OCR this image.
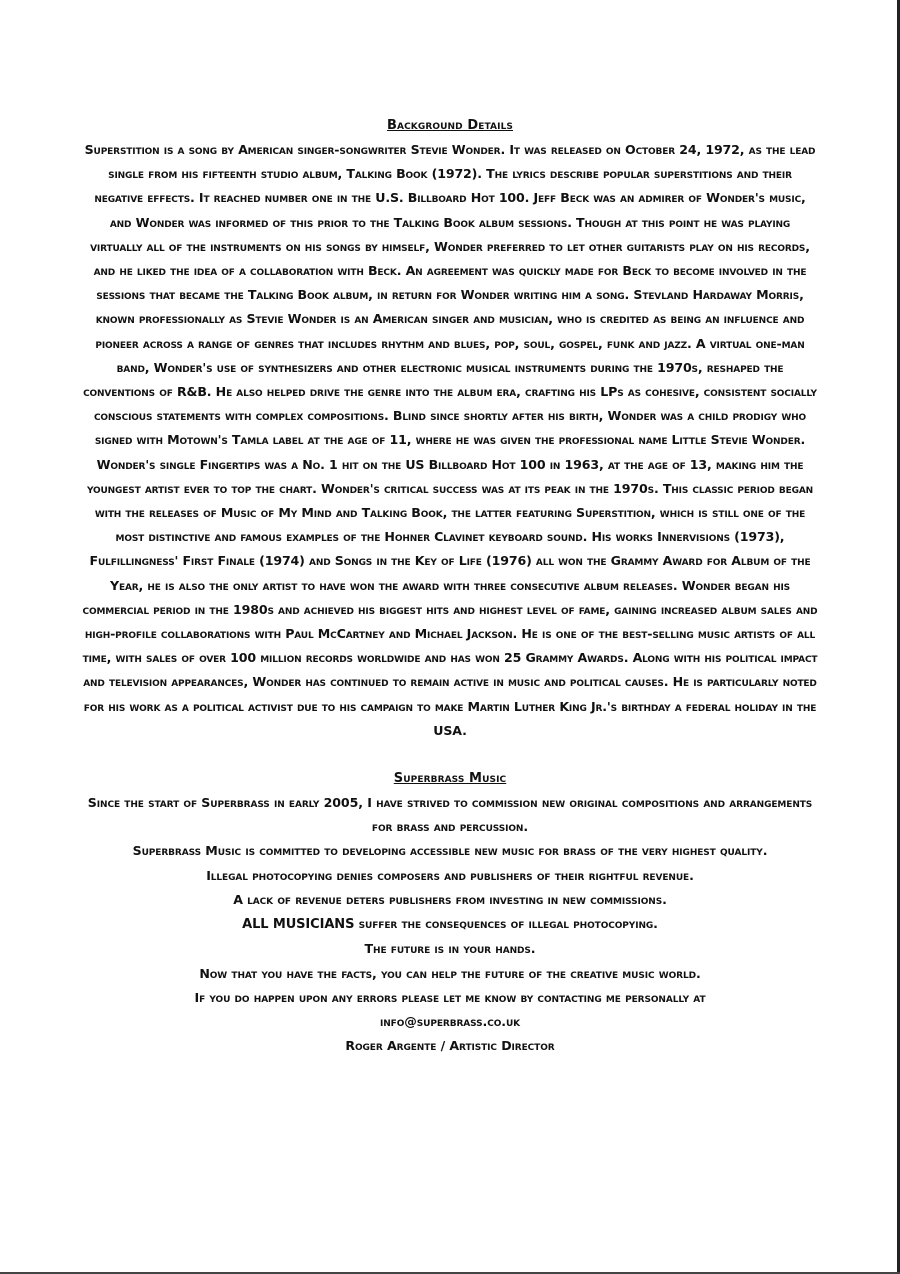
Background Details
Superstition is a song by American singer-songwriter Stevie Wonder. It was released on October 24, 1972, as the lead single from his fifteenth studio album, Talking Book (1972). The lyrics describe popular superstitions and their negative effects. It reached number one in the U.S. Billboard Hot 100. Jeff Beck was an admirer of Wonder's music, and Wonder was informed of this prior to the Talking Book album sessions. Though at this point he was playing virtually all of the instruments on his songs by himself, Wonder preferred to let other guitarists play on his records, and he liked the idea of a collaboration with Beck. An agreement was quickly made for Beck to become involved in the sessions that became the Talking Book album, in return for Wonder writing him a song. Stevland Hardaway Morris, known professionally as Stevie Wonder is an American singer and musician, who is credited as being an influence and pioneer across a range of genres that includes rhythm and blues, pop, soul, gospel, funk and jazz. A virtual one-man band, Wonder's use of synthesizers and other electronic musical instruments during the 1970s, reshaped the conventions of R&B. He also helped drive the genre into the album era, crafting his LPs as cohesive, consistent socially conscious statements with complex compositions. Blind since shortly after his birth, Wonder was a child prodigy who signed with Motown's Tamla label at the age of 11, where he was given the professional name Little Stevie Wonder. Wonder's single Fingertips was a No. 1 hit on the US Billboard Hot 100 in 1963, at the age of 13, making him the youngest artist ever to top the chart. Wonder's critical success was at its peak in the 1970s. This classic period began with the releases of Music of My Mind and Talking Book, the latter featuring Superstition, which is still one of the most distinctive and famous examples of the Hohner Clavinet keyboard sound. His works Innervisions (1973), Fulfillingness' First Finale (1974) and Songs in the Key of Life (1976) all won the Grammy Award for Album of the Year, he is also the only artist to have won the award with three consecutive album releases. Wonder began his commercial period in the 1980s and achieved his biggest hits and highest level of fame, gaining increased album sales and high-profile collaborations with Paul McCartney and Michael Jackson. He is one of the best-selling music artists of all time, with sales of over 100 million records worldwide and has won 25 Grammy Awards. Along with his political impact and television appearances, Wonder has continued to remain active in music and political causes. He is particularly noted for his work as a political activist due to his campaign to make Martin Luther King Jr.'s birthday a federal holiday in the USA.
Superbrass Music
Since the start of Superbrass in early 2005, I have strived to commission new original compositions and arrangements for brass and percussion.
Superbrass Music is committed to developing accessible new music for brass of the very highest quality.
Illegal photocopying denies composers and publishers of their rightful revenue.
A lack of revenue deters publishers from investing in new commissions.
ALL MUSICIANS suffer the consequences of illegal photocopying.
The future is in your hands.
Now that you have the facts, you can help the future of the creative music world.
If you do happen upon any errors please let me know by contacting me personally at
info@superbrass.co.uk
Roger Argente / Artistic Director
